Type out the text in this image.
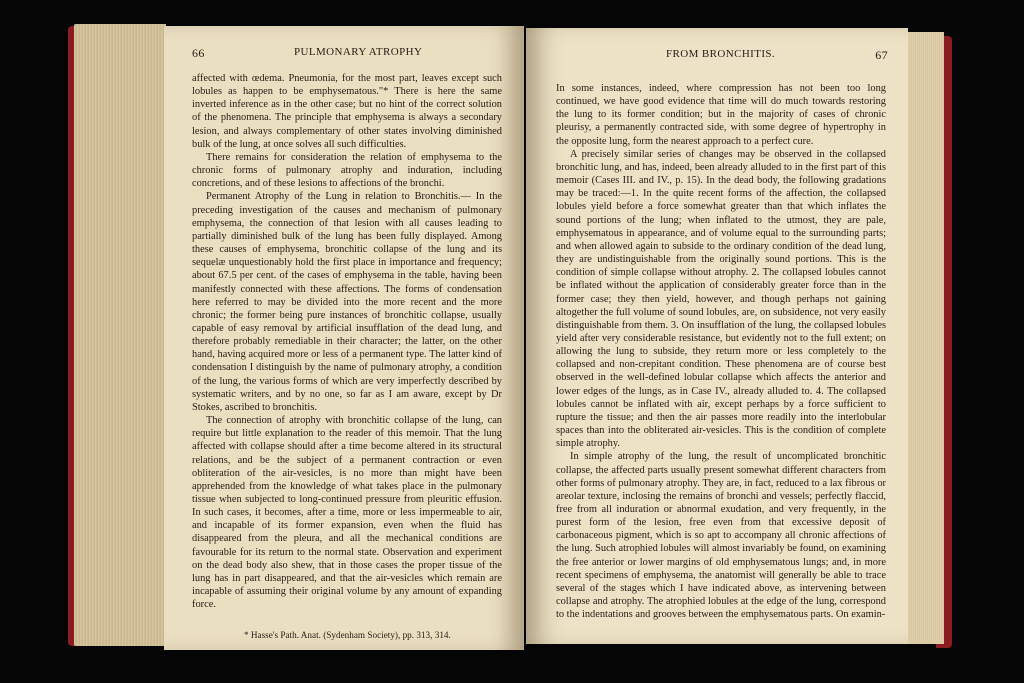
66	PULMONARY ATROPHY

affected with œdema. Pneumonia, for the most part, leaves except such lobules as happen to be emphysematous."* There is here the same inverted inference as in the other case; but no hint of the correct solution of the phenomena. The principle that emphysema is always a secondary lesion, and always complementary of other states involving diminished bulk of the lung, at once solves all such difficulties.

There remains for consideration the relation of emphysema to the chronic forms of pulmonary atrophy and induration, including concretions, and of these lesions to affections of the bronchi.

Permanent Atrophy of the Lung in relation to Bronchitis.— In the preceding investigation of the causes and mechanism of pulmonary emphysema, the connection of that lesion with all causes leading to partially diminished bulk of the lung has been fully displayed. Among these causes of emphysema, bronchitic collapse of the lung and its sequelæ unquestionably hold the first place in importance and frequency; about 67.5 per cent. of the cases of emphysema in the table, having been manifestly connected with these affections. The forms of condensation here referred to may be divided into the more recent and the more chronic; the former being pure instances of bronchitic collapse, usually capable of easy removal by artificial insufflation of the dead lung, and therefore probably remediable in their character; the latter, on the other hand, having acquired more or less of a permanent type. The latter kind of condensation I distinguish by the name of pulmonary atrophy, a condition of the lung, the various forms of which are very imperfectly described by systematic writers, and by no one, so far as I am aware, except by Dr Stokes, ascribed to bronchitis.

The connection of atrophy with bronchitic collapse of the lung, can require but little explanation to the reader of this memoir. That the lung affected with collapse should after a time become altered in its structural relations, and be the subject of a permanent contraction or even obliteration of the air-vesicles, is no more than might have been apprehended from the knowledge of what takes place in the pulmonary tissue when subjected to long-continued pressure from pleuritic effusion. In such cases, it becomes, after a time, more or less impermeable to air, and incapable of its former expansion, even when the fluid has disappeared from the pleura, and all the mechanical conditions are favourable for its return to the normal state. Observation and experiment on the dead body also shew, that in those cases the proper tissue of the lung has in part disappeared, and that the air-vesicles which remain are incapable of assuming their original volume by any amount of expanding force.

* Hasse's Path. Anat. (Sydenham Society), pp. 313, 314.
FROM BRONCHITIS.	67

In some instances, indeed, where compression has not been too long continued, we have good evidence that time will do much towards restoring the lung to its former condition; but in the majority of cases of chronic pleurisy, a permanently contracted side, with some degree of hypertrophy in the opposite lung, form the nearest approach to a perfect cure.

A precisely similar series of changes may be observed in the collapsed bronchitic lung, and has, indeed, been already alluded to in the first part of this memoir (Cases III. and IV., p. 15). In the dead body, the following gradations may be traced:—1. In the quite recent forms of the affection, the collapsed lobules yield before a force somewhat greater than that which inflates the sound portions of the lung; when inflated to the utmost, they are pale, emphysematous in appearance, and of volume equal to the surrounding parts; and when allowed again to subside to the ordinary condition of the dead lung, they are undistinguishable from the originally sound portions. This is the condition of simple collapse without atrophy. 2. The collapsed lobules cannot be inflated without the application of considerably greater force than in the former case; they then yield, however, and though perhaps not gaining altogether the full volume of sound lobules, are, on subsidence, not very easily distinguishable from them. 3. On insufflation of the lung, the collapsed lobules yield after very considerable resistance, but evidently not to the full extent; on allowing the lung to subside, they return more or less completely to the collapsed and non-crepitant condition. These phenomena are of course best observed in the well-defined lobular collapse which affects the anterior and lower edges of the lungs, as in Case IV., already alluded to. 4. The collapsed lobules cannot be inflated with air, except perhaps by a force sufficient to rupture the tissue; and then the air passes more readily into the interlobular spaces than into the obliterated air-vesicles. This is the condition of complete simple atrophy.

In simple atrophy of the lung, the result of uncomplicated bronchitic collapse, the affected parts usually present somewhat different characters from other forms of pulmonary atrophy. They are, in fact, reduced to a lax fibrous or areolar texture, inclosing the remains of bronchi and vessels; perfectly flaccid, free from all induration or abnormal exudation, and very frequently, in the purest form of the lesion, free even from that excessive deposit of carbonaceous pigment, which is so apt to accompany all chronic affections of the lung. Such atrophied lobules will almost invariably be found, on examining the free anterior or lower margins of old emphysematous lungs; and, in more recent specimens of emphysema, the anatomist will generally be able to trace several of the stages which I have indicated above, as intervening between collapse and atrophy. The atrophied lobules at the edge of the lung, correspond to the indentations and grooves between the emphysematous parts. On examin-
